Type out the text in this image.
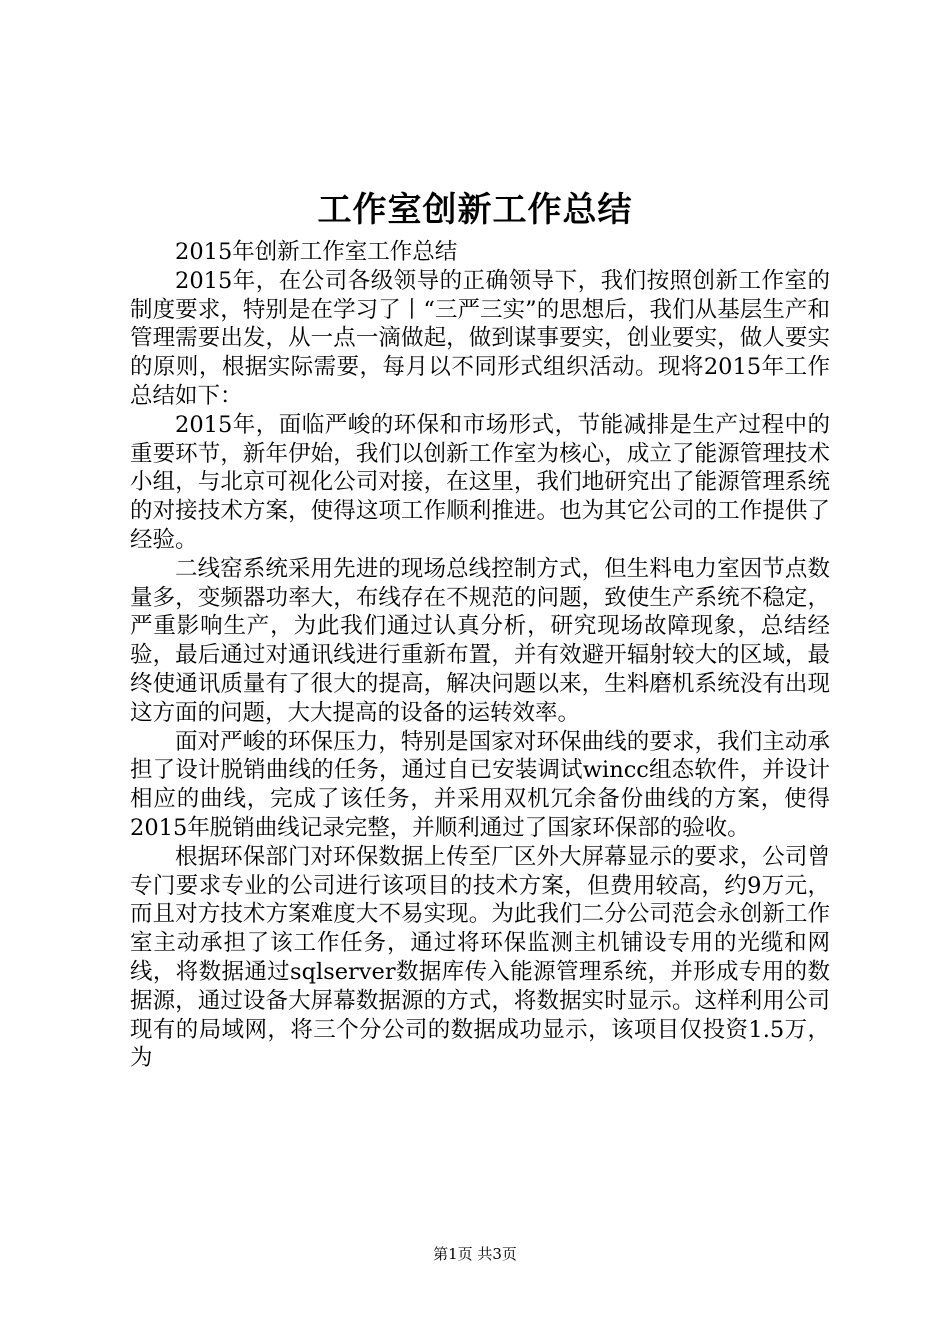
工作室创新工作总结

2015年创新工作室工作总结

2015年，在公司各级领导的正确领导下，我们按照创新工作室的制度要求，特别是在学习了丨“三严三实”的思想后，我们从基层生产和管理需要出发，从一点一滴做起，做到谋事要实，创业要实，做人要实的原则，根据实际需要，每月以不同形式组织活动。现将2015年工作总结如下：

2015年，面临严峻的环保和市场形式，节能减排是生产过程中的重要环节，新年伊始，我们以创新工作室为核心，成立了能源管理技术小组，与北京可视化公司对接，在这里，我们地研究出了能源管理系统的对接技术方案，使得这项工作顺利推进。也为其它公司的工作提供了经验。

二线窑系统采用先进的现场总线控制方式，但生料电力室因节点数量多，变频器功率大，布线存在不规范的问题，致使生产系统不稳定，严重影响生产，为此我们通过认真分析，研究现场故障现象，总结经验，最后通过对通讯线进行重新布置，并有效避开辐射较大的区域，最终使通讯质量有了很大的提高，解决问题以来，生料磨机系统没有出现这方面的问题，大大提高的设备的运转效率。

面对严峻的环保压力，特别是国家对环保曲线的要求，我们主动承担了设计脱销曲线的任务，通过自已安装调试wincc组态软件，并设计相应的曲线，完成了该任务，并采用双机冗余备份曲线的方案，使得2015年脱销曲线记录完整，并顺利通过了国家环保部的验收。

根据环保部门对环保数据上传至厂区外大屏幕显示的要求，公司曾专门要求专业的公司进行该项目的技术方案，但费用较高，约9万元，而且对方技术方案难度大不易实现。为此我们二分公司范会永创新工作室主动承担了该工作任务，通过将环保监测主机铺设专用的光缆和网线，将数据通过sqlserver数据库传入能源管理系统，并形成专用的数据源，通过设备大屏幕数据源的方式，将数据实时显示。这样利用公司现有的局域网，将三个分公司的数据成功显示，该项目仅投资1.5万，为

第1页 共3页
